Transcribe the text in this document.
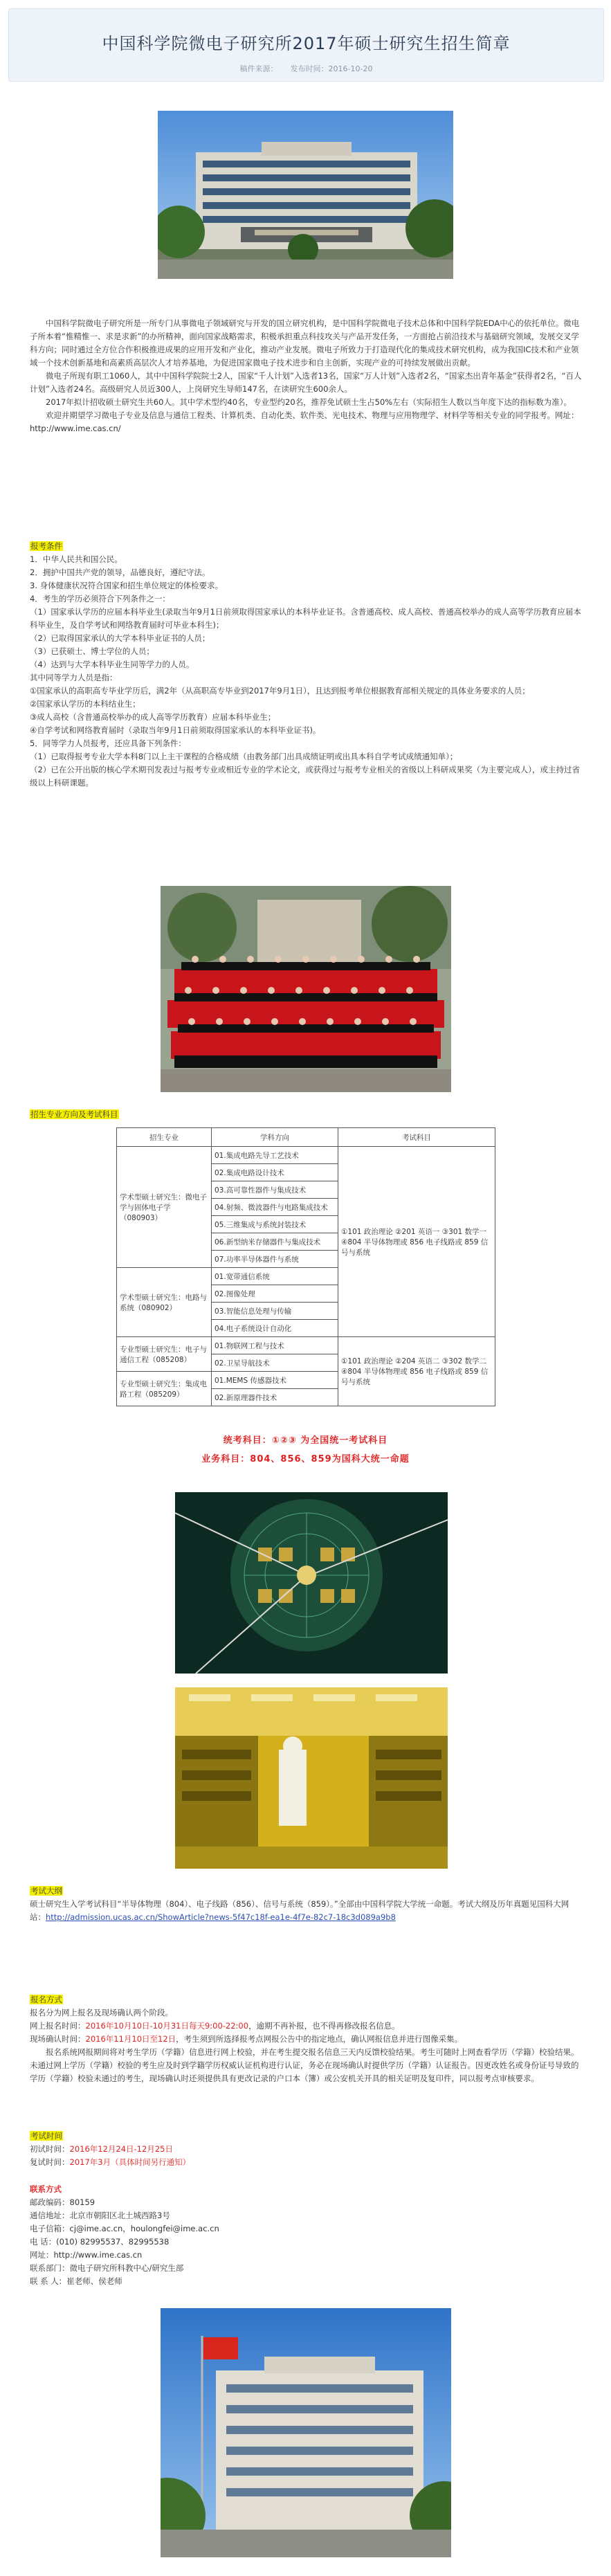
中国科学院微电子研究所2017年硕士研究生招生简章
稿件来源： 发布时间：2016-10-20

中国科学院微电子研究所是一所专门从事微电子领域研究与开发的国立研究机构，是中国科学院微电子技术总体和中国科学院EDA中心的依托单位。微电子所本着“惟精惟一、求是求新”的办所精神，面向国家战略需求，积极承担重点科技攻关与产品开发任务，一方面抢占前沿技术与基础研究领域，发展交叉学科方向；同时通过全方位合作积极推进成果的应用开发和产业化，推动产业发展。微电子所致力于打造现代化的集成技术研究机构，成为我国IC技术和产业领域一个技术创新基地和高素质高层次人才培养基地，为促进国家微电子技术进步和自主创新，实现产业的可持续发展做出贡献。

微电子所现有职工1060人，其中中国科学院院士2人，国家“千人计划”入选者13名，国家“万人计划”入选者2名，“国家杰出青年基金”获得者2名，“百人计划”入选者24名。高级研究人员近300人，上岗研究生导师147名，在读研究生600余人。

2017年拟计招收硕士研究生共60人。其中学术型约40名，专业型约20名，推荐免试硕士生占50%左右（实际招生人数以当年度下达的指标数为准）。

欢迎并期望学习微电子专业及信息与通信工程类、计算机类、自动化类、软件类、光电技术、物理与应用物理学、材料学等相关专业的同学报考。网址：http://www.ime.cas.cn/

报考条件

1．中华人民共和国公民。

2．拥护中国共产党的领导，品德良好，遵纪守法。

3. 身体健康状况符合国家和招生单位规定的体检要求。

4．考生的学历必须符合下列条件之一：

（1）国家承认学历的应届本科毕业生(录取当年9月1日前须取得国家承认的本科毕业证书。含普通高校、成人高校、普通高校举办的成人高等学历教育应届本科毕业生，及自学考试和网络教育届时可毕业本科生)；

（2）已取得国家承认的大学本科毕业证书的人员；

（3）已获硕士、博士学位的人员；

（4）达到与大学本科毕业生同等学力的人员。

其中同等学力人员是指：

①国家承认的高职高专毕业学历后，满2年（从高职高专毕业到2017年9月1日），且达到报考单位根据教育部相关规定的具体业务要求的人员；

②国家承认学历的本科结业生；

③成人高校（含普通高校举办的成人高等学历教育）应届本科毕业生；

④自学考试和网络教育届时（录取当年9月1日前须取得国家承认的本科毕业证书)。

5．同等学力人员报考，还应具备下列条件：

（1）已取得报考专业大学本科8门以上主干课程的合格成绩（由教务部门出具成绩证明或出具本科自学考试成绩通知单）；

（2）已在公开出版的核心学术期刊发表过与报考专业或相近专业的学术论文，或获得过与报考专业相关的省级以上科研成果奖（为主要完成人），或主持过省级以上科研课题。

招生专业方向及考试科目
招生专业	学科方向	考试科目
学术型硕士研究生：微电子学与固体电子学（080903）	01.集成电路先导工艺技术	①101 政治理论 ②201 英语一 ③301 数学一 ④804 半导体物理或 856 电子线路或 859 信号与系统
	02.集成电路设计技术	
	03.高可靠性器件与集成技术	
	04.射频、微波器件与电路集成技术	
	05.三维集成与系统封装技术	
	06.新型纳米存储器件与集成技术	
	07.功率半导体器件与系统	
学术型硕士研究生：电路与系统（080902）	01.宽带通信系统	
	02.图像处理	
	03.智能信息处理与传输	
	04.电子系统设计自动化	
专业型硕士研究生：电子与通信工程（085208）	01.物联网工程与技术	①101 政治理论 ②204 英语二 ③302 数学二 ④804 半导体物理或 856 电子线路或 859 信号与系统
	02.卫星导航技术	
专业型硕士研究生：集成电路工程（085209）	01.MEMS 传感器技术	
	02.新原理器件技术	
统考科目：①②③ 为全国统一考试科目
业务科目：804、856、859为国科大统一命题

考试大纲

硕士研究生入学考试科目“半导体物理（804）、电子线路（856）、信号与系统（859）。”全部由中国科学院大学统一命题。考试大纲及历年真题见国科大网站：http://admission.ucas.ac.cn/ShowArticle?news-5f47c18f-ea1e-4f7e-82c7-18c3d089a9b8

报名方式

报名分为网上报名及现场确认两个阶段。

网上报名时间：2016年10月10日-10月31日每天9:00-22:00，逾期不再补报，也不得再修改报名信息。

现场确认时间：2016年11月10日至12日，考生须到所选择报考点网报公告中的指定地点，确认网报信息并进行图像采集。

报名系统网报期间将对考生学历（学籍）信息进行网上校验，并在考生提交报名信息三天内反馈校验结果。考生可随时上网查看学历（学籍）校验结果。未通过网上学历（学籍）校验的考生应及时到学籍学历权威认证机构进行认证，务必在现场确认时提供学历（学籍）认证报告。因更改姓名或身份证号导致的学历（学籍）校验未通过的考生，现场确认时还须提供具有更改记录的户口本（簿）或公安机关开具的相关证明及复印件，同以报考点审核要求。

考试时间

初试时间：2016年12月24日-12月25日

复试时间：2017年3月（具体时间另行通知）

联系方式

邮政编码：80159

通信地址：北京市朝阳区北土城西路3号

电子信箱：cj@ime.ac.cn，houlongfei@ime.ac.cn

电 话：(010) 82995537、82995538

网址：http://www.ime.cas.cn

联系部门：微电子研究所科教中心/研究生部

联 系 人：崔老师、侯老师
